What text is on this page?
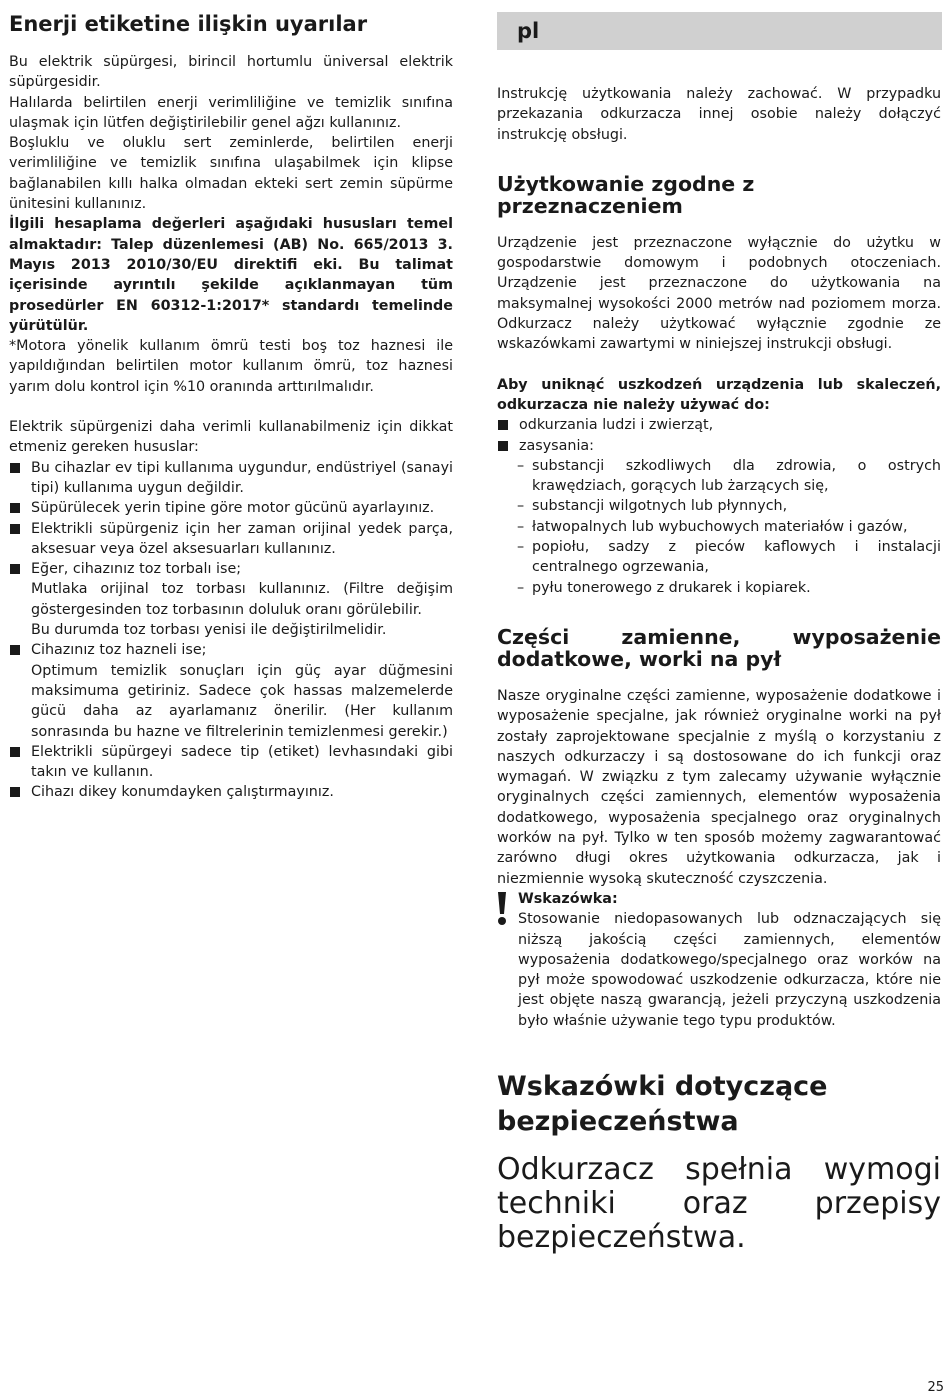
Enerji etiketine ilişkin uyarılar

Bu elektrik süpürgesi, birincil hortumlu üniversal elektrik süpürgesidir.

Halılarda belirtilen enerji verimliliğine ve temizlik sınıfına ulaşmak için lütfen değiştirilebilir genel ağzı kullanınız.

Boşluklu ve oluklu sert zeminlerde, belirtilen enerji verimliliğine ve temizlik sınıfına ulaşabilmek için klipse bağlanabilen kıllı halka olmadan ekteki sert zemin süpürme ünitesini kullanınız.

İlgili hesaplama değerleri aşağıdaki hususları temel almaktadır: Talep düzenlemesi (AB) No. 665/2013 3. Mayıs 2013 2010/30/EU direktifi eki. Bu talimat içerisinde ayrıntılı şekilde açıklanmayan tüm prosedürler EN 60312-1:2017* standardı temelinde yürütülür.

*Motora yönelik kullanım ömrü testi boş toz haznesi ile yapıldığından belirtilen motor kullanım ömrü, toz haznesi yarım dolu kontrol için %10 oranında arttırılmalıdır.

Elektrik süpürgenizi daha verimli kullanabilmeniz için dikkat etmeniz gereken hususlar:

Bu cihazlar ev tipi kullanıma uygundur, endüstriyel (sanayi tipi) kullanıma uygun değildir.
Süpürülecek yerin tipine göre motor gücünü ayarlayınız.
Elektrikli süpürgeniz için her zaman orijinal yedek parça, aksesuar veya özel aksesuarları kullanınız.
Eğer, cihazınız toz torbalı ise;
Mutlaka orijinal toz torbası kullanınız. (Filtre değişim göstergesinden toz torbasının doluluk oranı görülebilir.
Bu durumda toz torbası yenisi ile değiştirilmelidir.
Cihazınız toz hazneli ise;
Optimum temizlik sonuçları için güç ayar düğmesini maksimuma getiriniz. Sadece çok hassas malzemelerde gücü daha az ayarlamanız önerilir. (Her kullanım sonrasında bu hazne ve filtrelerinin temizlenmesi gerekir.)
Elektrikli süpürgeyi sadece tip (etiket) levhasındaki gibi takın ve kullanın.
Cihazı dikey konumdayken çalıştırmayınız.
pl

Instrukcję użytkowania należy zachować. W przypadku przekazania odkurzacza innej osobie należy dołączyć instrukcję obsługi.

Użytkowanie zgodne z przeznaczeniem

Urządzenie jest przeznaczone wyłącznie do użytku w gospodarstwie domowym i podobnych otoczeniach. Urządzenie jest przeznaczone do użytkowania na maksymalnej wysokości 2000 metrów nad poziomem morza. Odkurzacz należy użytkować wyłącznie zgodnie ze wskazówkami zawartymi w niniejszej instrukcji obsługi.

Aby uniknąć uszkodzeń urządzenia lub skaleczeń, odkurzacza nie należy używać do:

odkurzania ludzi i zwierząt,
zasysania:
– substancji szkodliwych dla zdrowia, o ostrych krawędziach, gorących lub żarzących się,
– substancji wilgotnych lub płynnych,
– łatwopalnych lub wybuchowych materiałów i gazów,
– popiołu, sadzy z pieców kaflowych i instalacji centralnego ogrzewania,
– pyłu tonerowego z drukarek i kopiarek.
Części zamienne, wyposażenie dodatkowe, worki na pył

Nasze oryginalne części zamienne, wyposażenie dodatkowe i wyposażenie specjalne, jak również oryginalne worki na pył zostały zaprojektowane specjalnie z myślą o korzystaniu z naszych odkurzaczy i są dostosowane do ich funkcji oraz wymagań. W związku z tym zalecamy używanie wyłącznie oryginalnych części zamiennych, elementów wyposażenia dodatkowego, wyposażenia specjalnego oraz oryginalnych worków na pył. Tylko w ten sposób możemy zagwarantować zarówno długi okres użytkowania odkurzacza, jak i niezmiennie wysoką skuteczność czyszczenia.

Wskazówka:

Stosowanie niedopasowanych lub odznaczających się niższą jakością części zamiennych, elementów wyposażenia dodatkowego/specjalnego oraz worków na pył może spowodować uszkodzenie odkurzacza, które nie jest objęte naszą gwarancją, jeżeli przyczyną uszkodzenia było właśnie używanie tego typu produktów.

Wskazówki dotyczące bezpieczeństwa

Odkurzacz spełnia wymogi techniki oraz przepisy bezpieczeństwa.

25
